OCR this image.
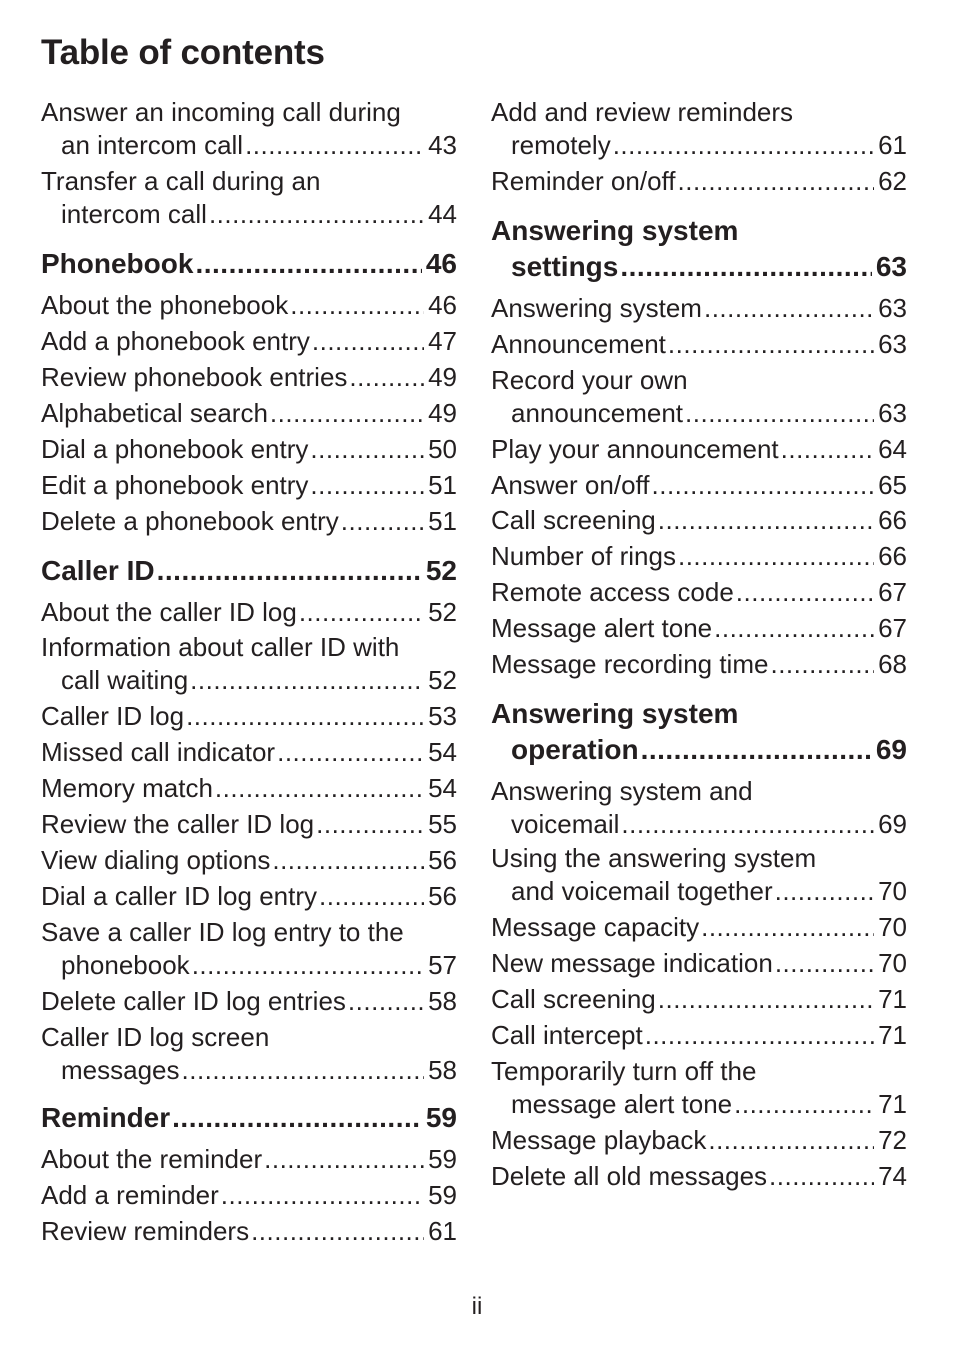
Table of contents
Answer an incoming call during
an intercom call .....	43
Transfer a call during an
intercom call .....	44
Phonebook .....	46
About the phonebook .....	46
Add a phonebook entry .....	47
Review phonebook entries .....	49
Alphabetical search .....	49
Dial a phonebook entry .....	50
Edit a phonebook entry .....	51
Delete a phonebook entry .....	51
Caller ID .....	52
About the caller ID log .....	52
Information about caller ID with
call waiting .....	52
Caller ID log .....	53
Missed call indicator .....	54
Memory match .....	54
Review the caller ID log .....	55
View dialing options .....	56
Dial a caller ID log entry .....	56
Save a caller ID log entry to the
phonebook .....	57
Delete caller ID log entries .....	58
Caller ID log screen
messages .....	58
Reminder .....	59
About the reminder .....	59
Add a reminder .....	59
Review reminders .....	61
Add and review reminders
remotely .....	61
Reminder on/off .....	62
Answering system
settings .....	63
Answering system .....	63
Announcement .....	63
Record your own
announcement .....	63
Play your announcement .....	64
Answer on/off .....	65
Call screening .....	66
Number of rings .....	66
Remote access code .....	67
Message alert tone .....	67
Message recording time .....	68
Answering system
operation .....	69
Answering system and
voicemail .....	69
Using the answering system
and voicemail together .....	70
Message capacity .....	70
New message indication .....	70
Call screening .....	71
Call intercept .....	71
Temporarily turn off the
message alert tone .....	71
Message playback .....	72
Delete all old messages .....	74
ii
